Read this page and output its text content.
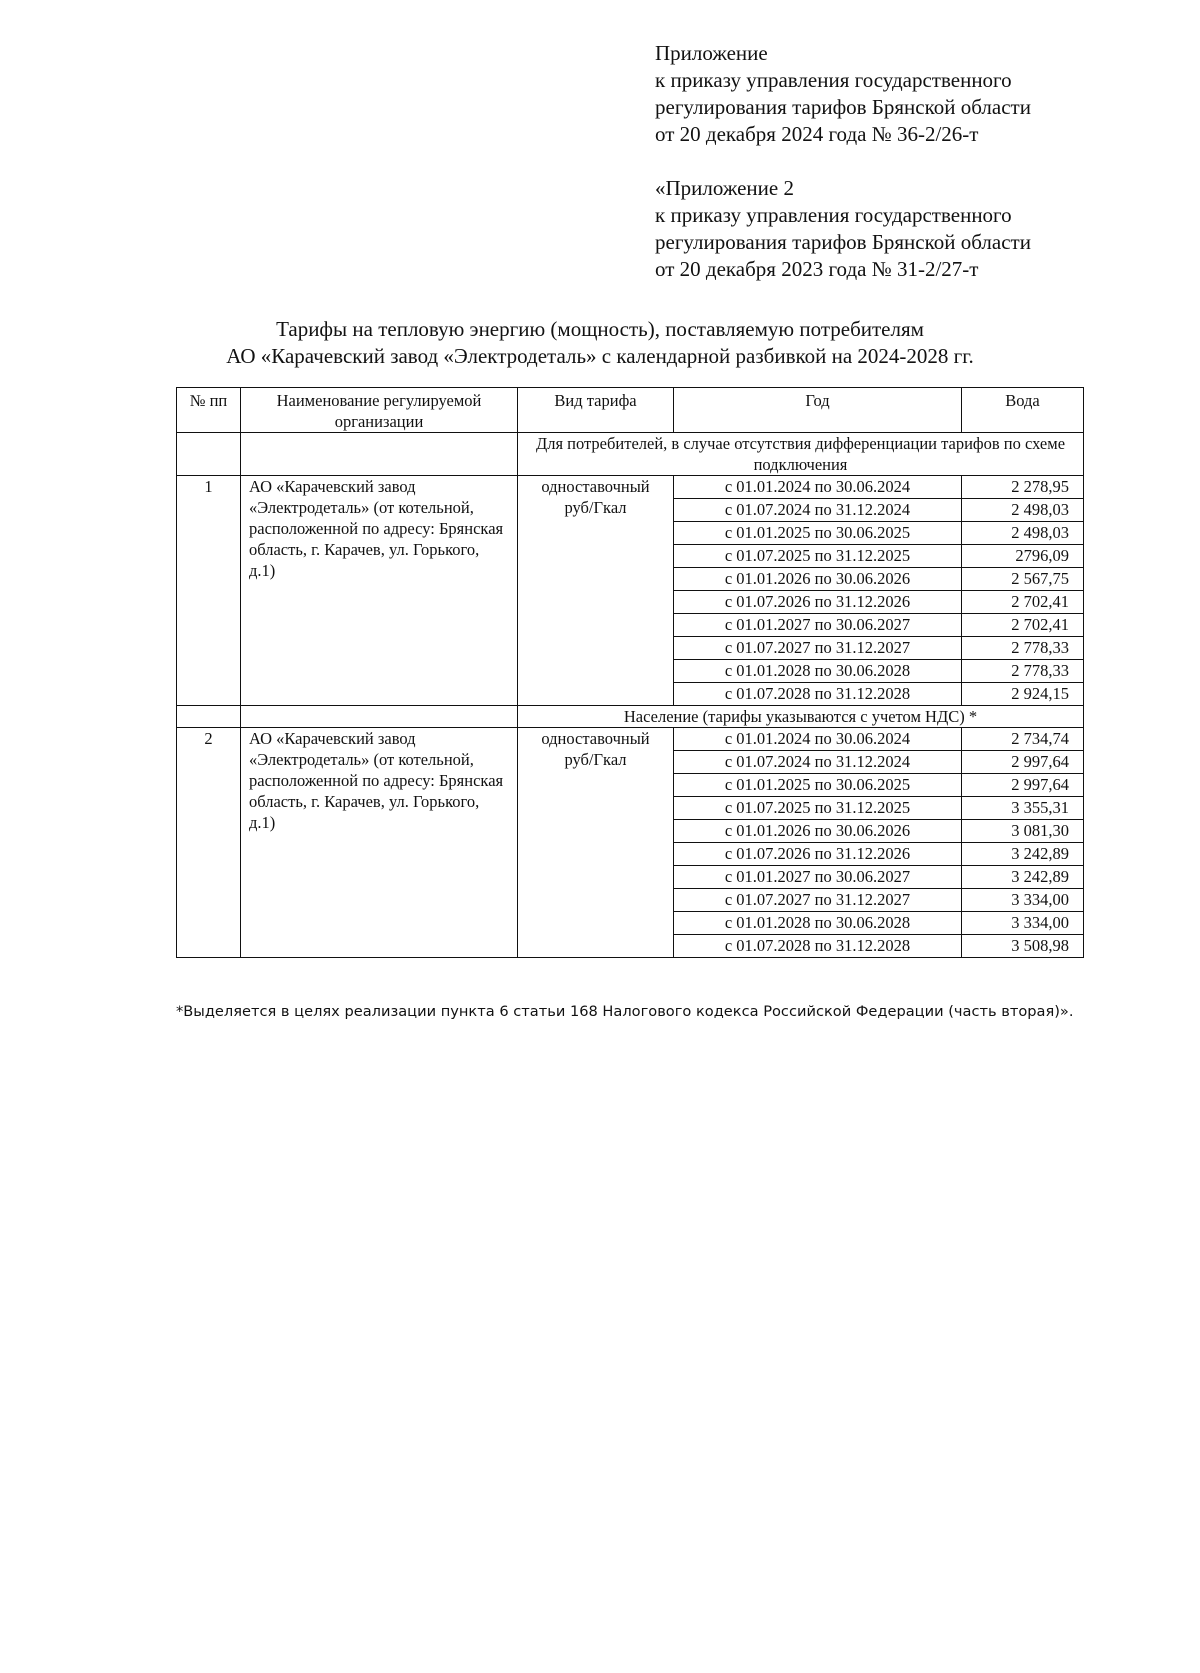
Приложение

к приказу управления государственного

регулирования тарифов Брянской области

от 20 декабря 2024 года № 36-2/26-т

«Приложение 2

к приказу управления государственного

регулирования тарифов Брянской области

от 20 декабря 2023 года № 31-2/27-т

Тарифы на тепловую энергию (мощность), поставляемую потребителям

АО «Карачевский завод «Электродеталь» с календарной разбивкой на 2024-2028 гг.

№ пп	Наименование регулируемой организации	Вид тарифа	Год	Вода
		Для потребителей, в случае отсутствия дифференциации тарифов по схеме подключения		
1	АО «Карачевский завод «Электродеталь» (от котельной, расположенной по адресу: Брянская область, г. Карачев, ул. Горького, д.1)	одноставочный руб/Гкал	с 01.01.2024 по 30.06.2024	2 278,95
			с 01.07.2024 по 31.12.2024	2 498,03
			с 01.01.2025 по 30.06.2025	2 498,03
			с 01.07.2025 по 31.12.2025	2796,09
			с 01.01.2026 по 30.06.2026	2 567,75
			с 01.07.2026 по 31.12.2026	2 702,41
			с 01.01.2027 по 30.06.2027	2 702,41
			с 01.07.2027 по 31.12.2027	2 778,33
			с 01.01.2028 по 30.06.2028	2 778,33
			с 01.07.2028 по 31.12.2028	2 924,15
		Население (тарифы указываются с учетом НДС) *		
2	АО «Карачевский завод «Электродеталь» (от котельной, расположенной по адресу: Брянская область, г. Карачев, ул. Горького, д.1)	одноставочный руб/Гкал	с 01.01.2024 по 30.06.2024	2 734,74
			с 01.07.2024 по 31.12.2024	2 997,64
			с 01.01.2025 по 30.06.2025	2 997,64
			с 01.07.2025 по 31.12.2025	3 355,31
			с 01.01.2026 по 30.06.2026	3 081,30
			с 01.07.2026 по 31.12.2026	3 242,89
			с 01.01.2027 по 30.06.2027	3 242,89
			с 01.07.2027 по 31.12.2027	3 334,00
			с 01.01.2028 по 30.06.2028	3 334,00
			с 01.07.2028 по 31.12.2028	3 508,98
*Выделяется в целях реализации пункта 6 статьи 168 Налогового кодекса Российской Федерации (часть вторая)».
